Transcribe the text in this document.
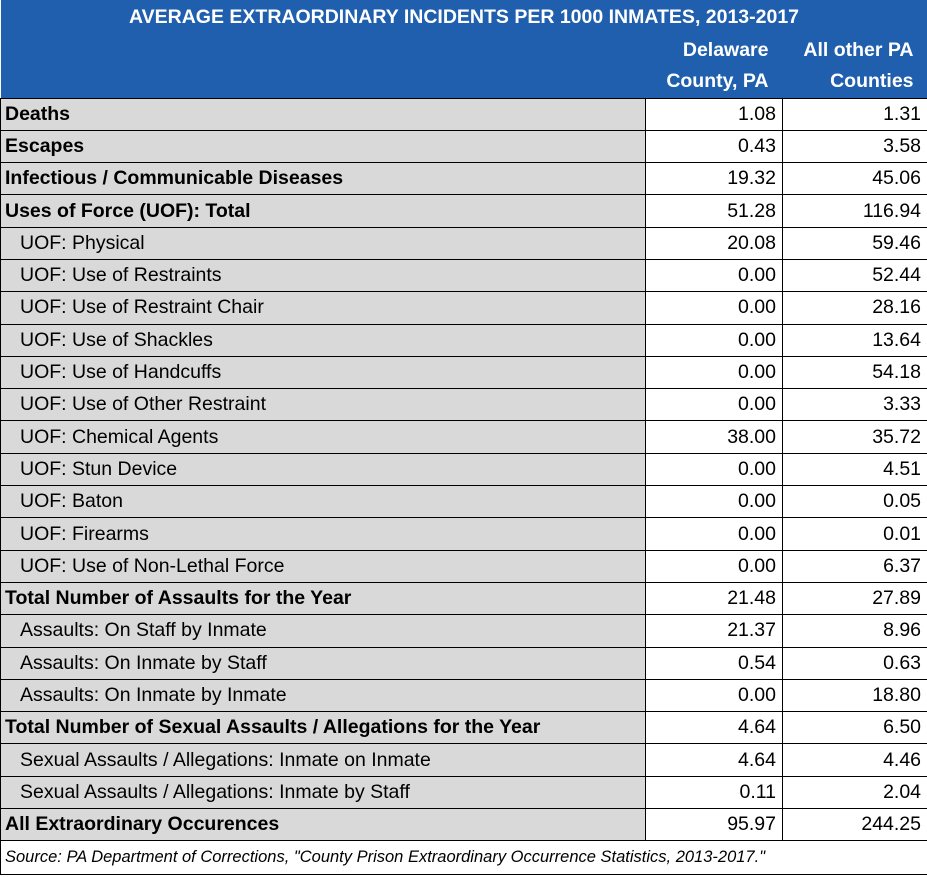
AVERAGE EXTRAORDINARY INCIDENTS PER 1000 INMATES, 2013-2017		
	Delaware	All other PA
	County, PA	Counties
Deaths	1.08	1.31
Escapes	0.43	3.58
Infectious / Communicable Diseases	19.32	45.06
Uses of Force (UOF): Total	51.28	116.94
UOF: Physical	20.08	59.46
UOF: Use of Restraints	0.00	52.44
UOF: Use of Restraint Chair	0.00	28.16
UOF: Use of Shackles	0.00	13.64
UOF: Use of Handcuffs	0.00	54.18
UOF: Use of Other Restraint	0.00	3.33
UOF: Chemical Agents	38.00	35.72
UOF: Stun Device	0.00	4.51
UOF: Baton	0.00	0.05
UOF: Firearms	0.00	0.01
UOF: Use of Non-Lethal Force	0.00	6.37
Total Number of Assaults for the Year	21.48	27.89
Assaults: On Staff by Inmate	21.37	8.96
Assaults: On Inmate by Staff	0.54	0.63
Assaults: On Inmate by Inmate	0.00	18.80
Total Number of Sexual Assaults / Allegations for the Year	4.64	6.50
Sexual Assaults / Allegations: Inmate on Inmate	4.64	4.46
Sexual Assaults / Allegations: Inmate by Staff	0.11	2.04
All Extraordinary Occurences	95.97	244.25
Source: PA Department of Corrections, "County Prison Extraordinary Occurrence Statistics, 2013-2017."		
